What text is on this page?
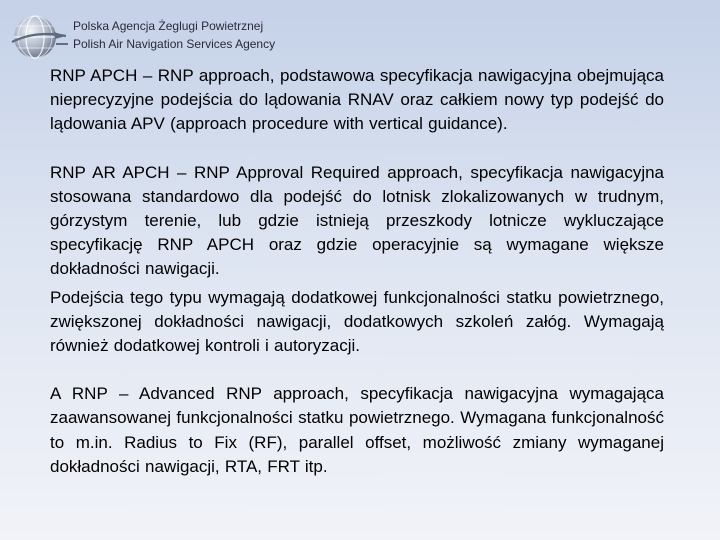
Polska Agencja Żeglugi Powietrznej
Polish Air Navigation Services Agency

RNP APCH – RNP approach, podstawowa specyfikacja nawigacyjna obejmująca nieprecyzyjne podejścia do lądowania RNAV oraz całkiem nowy typ podejść do lądowania APV (approach procedure with vertical guidance).

RNP AR APCH – RNP Approval Required approach, specyfikacja nawigacyjna stosowana standardowo dla podejść do lotnisk zlokalizowanych w trudnym, górzystym terenie, lub gdzie istnieją przeszkody lotnicze wykluczające specyfikację RNP APCH oraz gdzie operacyjnie są wymagane większe dokładności nawigacji.

Podejścia tego typu wymagają dodatkowej funkcjonalności statku powietrznego, zwiększonej dokładności nawigacji, dodatkowych szkoleń załóg. Wymagają również dodatkowej kontroli i autoryzacji.

A RNP – Advanced RNP approach, specyfikacja nawigacyjna wymagająca zaawansowanej funkcjonalności statku powietrznego. Wymagana funkcjonalność to m.in. Radius to Fix (RF), parallel offset, możliwość zmiany wymaganej dokładności nawigacji, RTA, FRT itp.
